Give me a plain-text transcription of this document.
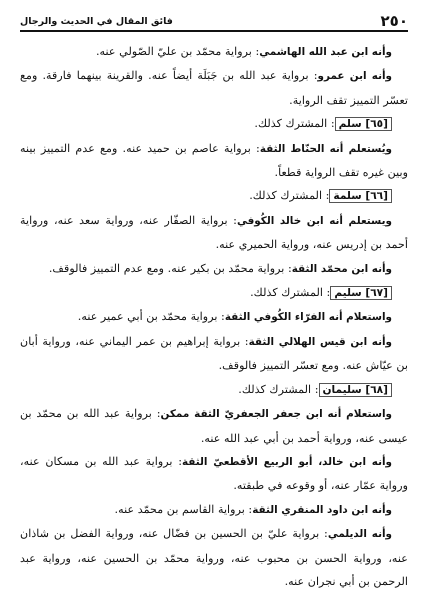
٢٥٠
فائق المقال في الحديث والرجال

وأنه ابن عبد الله الهاشمي: برواية محمّد بن عليّ الصّولي عنه.

وأنه ابن عمرو: برواية عبد الله بن جَبَلَة أيضاً عنه. والقرينة بينهما فارقة. ومع تعسّر التمييز تقف الرواية.

[٦٥] سلم: المشترك كذلك.

ويُستعلم أنه الحنّاط الثقة: برواية عاصم بن حميد عنه. ومع عدم التمييز بينه وبين غيره تقف الرواية قطعاً.

[٦٦] سلمة: المشترك كذلك.

ويستعلم أنه ابن خالد الكُوفي: برواية الصفّار عنه، ورواية سعد عنه، ورواية أحمد بن إدريس عنه، ورواية الحميري عنه.

وأنه ابن محمّد الثقة: برواية محمّد بن بكير عنه. ومع عدم التمييز فالوقف.

[٦٧] سليم: المشترك كذلك.

واستعلام أنه الفرّاء الكُوفي الثقة: برواية محمّد بن أبي عمير عنه.

وأنه ابن قيس الهلالي الثقة: برواية إبراهيم بن عمر اليماني عنه، ورواية أبان بن عيّاش عنه. ومع تعسّر التمييز فالوقف.

[٦٨] سليمان: المشترك كذلك.

واستعلام أنه ابن جعفر الجعفريّ الثقة ممكن: برواية عبد الله بن محمّد بن عيسى عنه، ورواية أحمد بن أبي عبد الله عنه.

وأنه ابن خالد، أبو الربيع الأقطعيّ الثقة: برواية عبد الله بن مسكان عنه، ورواية عمّار عنه، أو وقوعه في طبقته.

وأنه ابن داود المنقري الثقة: برواية القاسم بن محمّد عنه.

وأنه الديلمي: برواية عليّ بن الحسين بن فضّال عنه، ورواية الفضل بن شاذان عنه، ورواية الحسن بن محبوب عنه، ورواية محمّد بن الحسين عنه، ورواية عبد الرحمن بن أبي نجران عنه.
